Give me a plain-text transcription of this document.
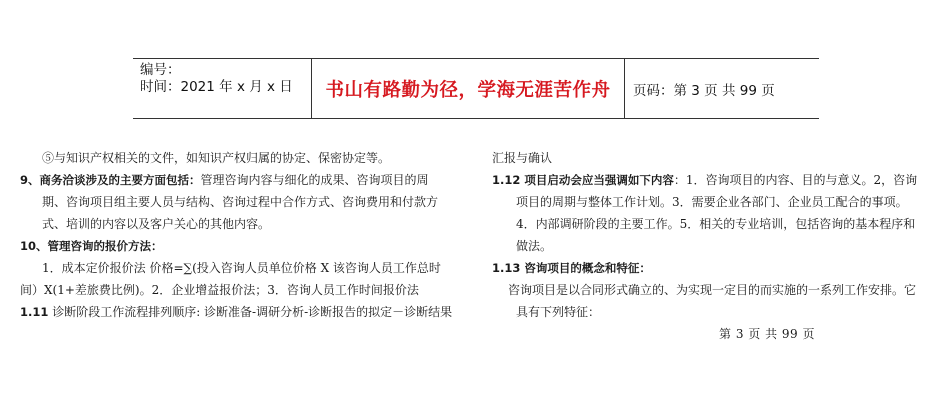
编号：
时间：2021 年 x 月 x 日 书山有路勤为径，学海无涯苦作舟 页码：第 3 页 共 99 页

⑤与知识产权相关的文件，如知识产权归属的协定、保密协定等。

9、商务洽谈涉及的主要方面包括：管理咨询内容与细化的成果、咨询项目的周

期、咨询项目组主要人员与结构、咨询过程中合作方式、咨询费用和付款方

式、培训的内容以及客户关心的其他内容。

10、管理咨询的报价方法：

1．成本定价报价法 价格=∑(投入咨询人员单位价格 X 该咨询人员工作总时

间）X(1+差旅费比例)。2．企业增益报价法；3．咨询人员工作时间报价法

1.11 诊断阶段工作流程排列顺序: 诊断准备-调研分析-诊断报告的拟定－诊断结果

汇报与确认

1.12 项目启动会应当强调如下内容：1．咨询项目的内容、目的与意义。2，咨询

项目的周期与整体工作计划。3．需要企业各部门、企业员工配合的事项。

4．内部调研阶段的主要工作。5．相关的专业培训，包括咨询的基本程序和

做法。

1.13 咨询项目的概念和特征：

咨询项目是以合同形式确立的、为实现一定目的而实施的一系列工作安排。它

具有下列特征：

第 3 页 共 99 页
